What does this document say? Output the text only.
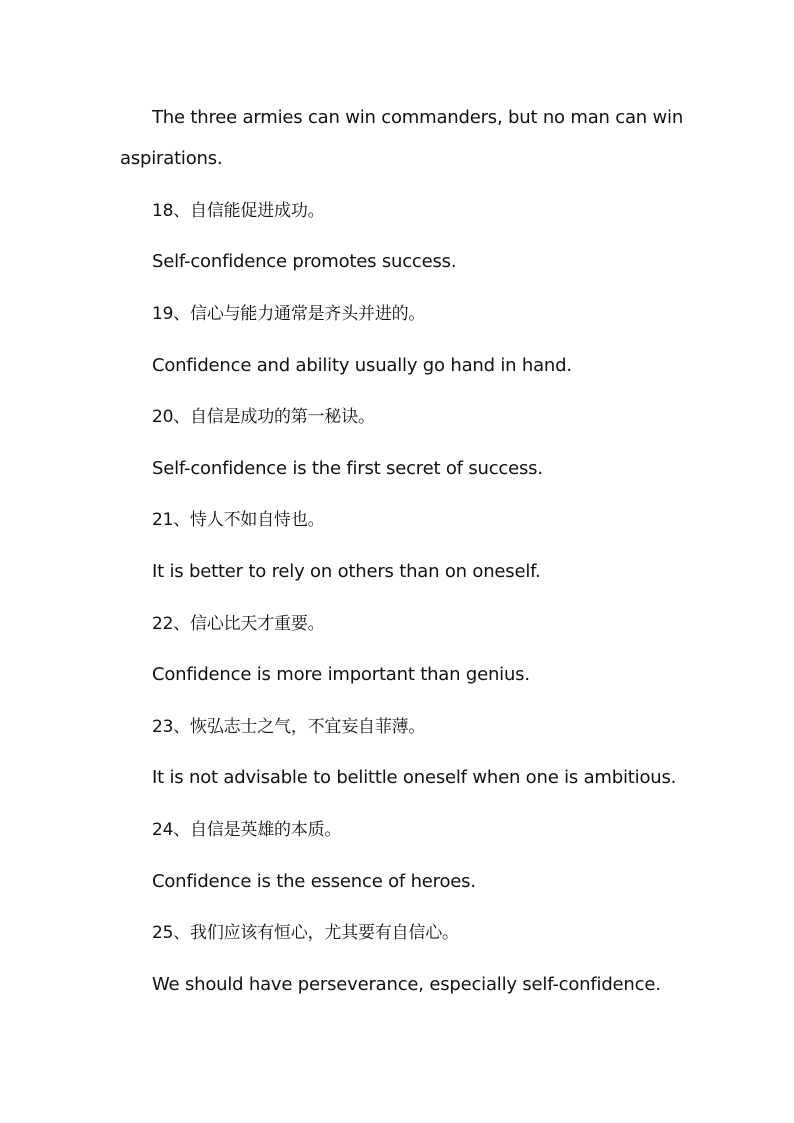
The three armies can win commanders, but no man can win

aspirations.

18、自信能促进成功。

Self-confidence promotes success.

19、信心与能力通常是齐头并进的。

Confidence and ability usually go hand in hand.

20、自信是成功的第一秘诀。

Self-confidence is the first secret of success.

21、恃人不如自恃也。

It is better to rely on others than on oneself.

22、信心比天才重要。

Confidence is more important than genius.

23、恢弘志士之气，不宜妄自菲薄。

It is not advisable to belittle oneself when one is ambitious.

24、自信是英雄的本质。

Confidence is the essence of heroes.

25、我们应该有恒心，尤其要有自信心。

We should have perseverance, especially self-confidence.
